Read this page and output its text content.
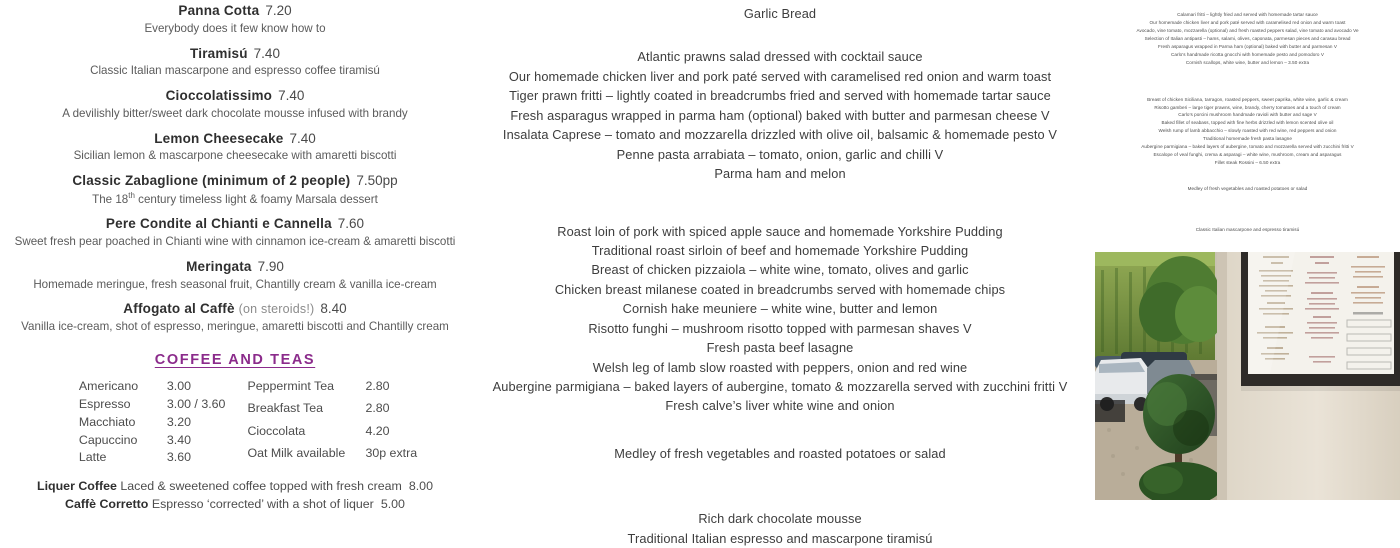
Panna Cotta 7.20
Everybody does it few know how to
Tiramisú 7.40
Classic Italian mascarpone and espresso coffee tiramisú
Cioccolatissimo 7.40
A devilishly bitter/sweet dark chocolate mousse infused with brandy
Lemon Cheesecake 7.40
Sicilian lemon & mascarpone cheesecake with amaretti biscotti
Classic Zabaglione (minimum of 2 people) 7.50pp
The 18th century timeless light & foamy Marsala dessert
Pere Condite al Chianti e Cannella 7.60
Sweet fresh pear poached in Chianti wine with cinnamon ice-cream & amaretti biscotti
Meringata 7.90
Homemade meringue, fresh seasonal fruit, Chantilly cream & vanilla ice-cream
Affogato al Caffè (on steroids!) 8.40
Vanilla ice-cream, shot of espresso, meringue, amaretti biscotti and Chantilly cream
COFFEE AND TEAS
Americano	3.00
Espresso	3.00 / 3.60
Macchiato	3.20
Capuccino	3.40
Latte	3.60
Peppermint Tea	2.80
Breakfast Tea	2.80
Cioccolata	4.20
Oat Milk available	30p extra
Liquer Coffee Laced & sweetened coffee topped with fresh cream 8.00
Caffè Corretto Espresso ‘corrected’ with a shot of liquer 5.00
Garlic Bread
Atlantic prawns salad dressed with cocktail sauce
Our homemade chicken liver and pork paté served with caramelised red onion and warm toast
Tiger prawn fritti – lightly coated in breadcrumbs fried and served with homemade tartar sauce
Fresh asparagus wrapped in parma ham (optional) baked with butter and parmesan cheese V
Insalata Caprese – tomato and mozzarella drizzled with olive oil, balsamic & homemade pesto V
Penne pasta arrabiata – tomato, onion, garlic and chilli V
Parma ham and melon
Roast loin of pork with spiced apple sauce and homemade Yorkshire Pudding
Traditional roast sirloin of beef and homemade Yorkshire Pudding
Breast of chicken pizzaiola – white wine, tomato, olives and garlic
Chicken breast milanese coated in breadcrumbs served with homemade chips
Cornish hake meuniere – white wine, butter and lemon
Risotto funghi – mushroom risotto topped with parmesan shaves V
Fresh pasta beef lasagne
Welsh leg of lamb slow roasted with peppers, onion and red wine
Aubergine parmigiana – baked layers of aubergine, tomato & mozzarella served with zucchini fritti V
Fresh calve’s liver white wine and onion
Medley of fresh vegetables and roasted potatoes or salad
Rich dark chocolate mousse
Traditional Italian espresso and mascarpone tiramisú
Calamari fritti – lightly fried and served with homemade tartar sauce
Our homemade chicken liver and pork paté served with caramelised red onion and warm toast
Avocado, vine tomato, mozzarella (optional) and fresh roasted peppers salad, vine tomato and avocado Ve
Selection of Italian antipasti – hams, salami, olives, caponata, parmesan pieces and carasau bread
Fresh asparagus wrapped in Parma ham (optional) baked with butter and parmesan V
Carlo’s handmade ricotta gnocchi with homemade pesto and pomodoro V
Cornish scallops, white wine, butter and lemon – 3.50 extra
Breast of chicken Siciliana, tarragon, roasted peppers, sweet paprika, white wine, garlic & cream
Risotto gamberi – large tiger prawns, wine, brandy, cherry tomatoes and a touch of cream
Carlo’s porcini mushroom handmade ravioli with butter and sage V
Baked fillet of seabass, topped with fine herbs drizzled with lemon scented olive oil
Welsh rump of lamb abbacchio – slowly roasted with red wine, red peppers and onion
Traditional homemade fresh pasta lasagne
Aubergine parmigiana – baked layers of aubergine, tomato and mozzarella served with zucchini fritti V
Escalope of veal funghi, crema & asparagi – white wine, mushroom, cream and asparagus
Fillet steak Rossini – 6.50 extra
Medley of fresh vegetables and roasted potatoes or salad
Classic Italian mascarpone and espresso tiramisú
